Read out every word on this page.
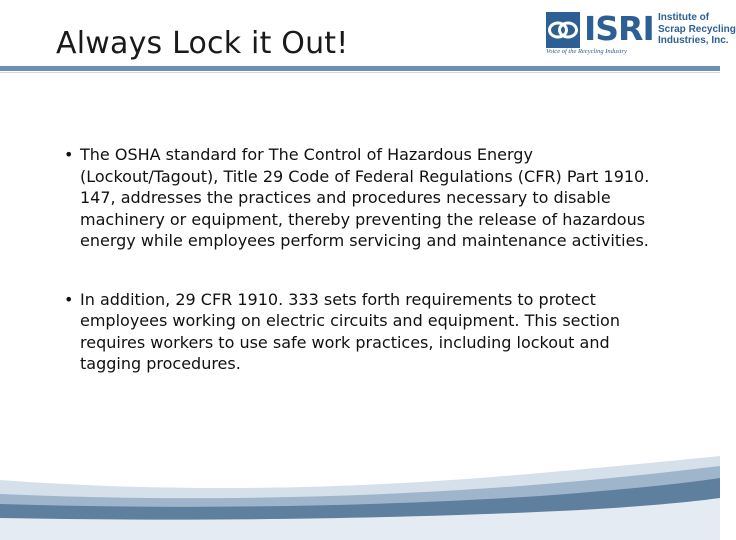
Always Lock it Out!	ISRI Institute of
Scrap Recycling
Industries, Inc.
Voice of the Recycling Industry
• The OSHA standard for The Control of Hazardous Energy (Lockout/Tagout), Title 29 Code of Federal Regulations (CFR) Part 1910. 147, addresses the practices and procedures necessary to disable machinery or equipment, thereby preventing the release of hazardous energy while employees perform servicing and maintenance activities.
• In addition, 29 CFR 1910. 333 sets forth requirements to protect employees working on electric circuits and equipment. This section requires workers to use safe work practices, including lockout and tagging procedures.
